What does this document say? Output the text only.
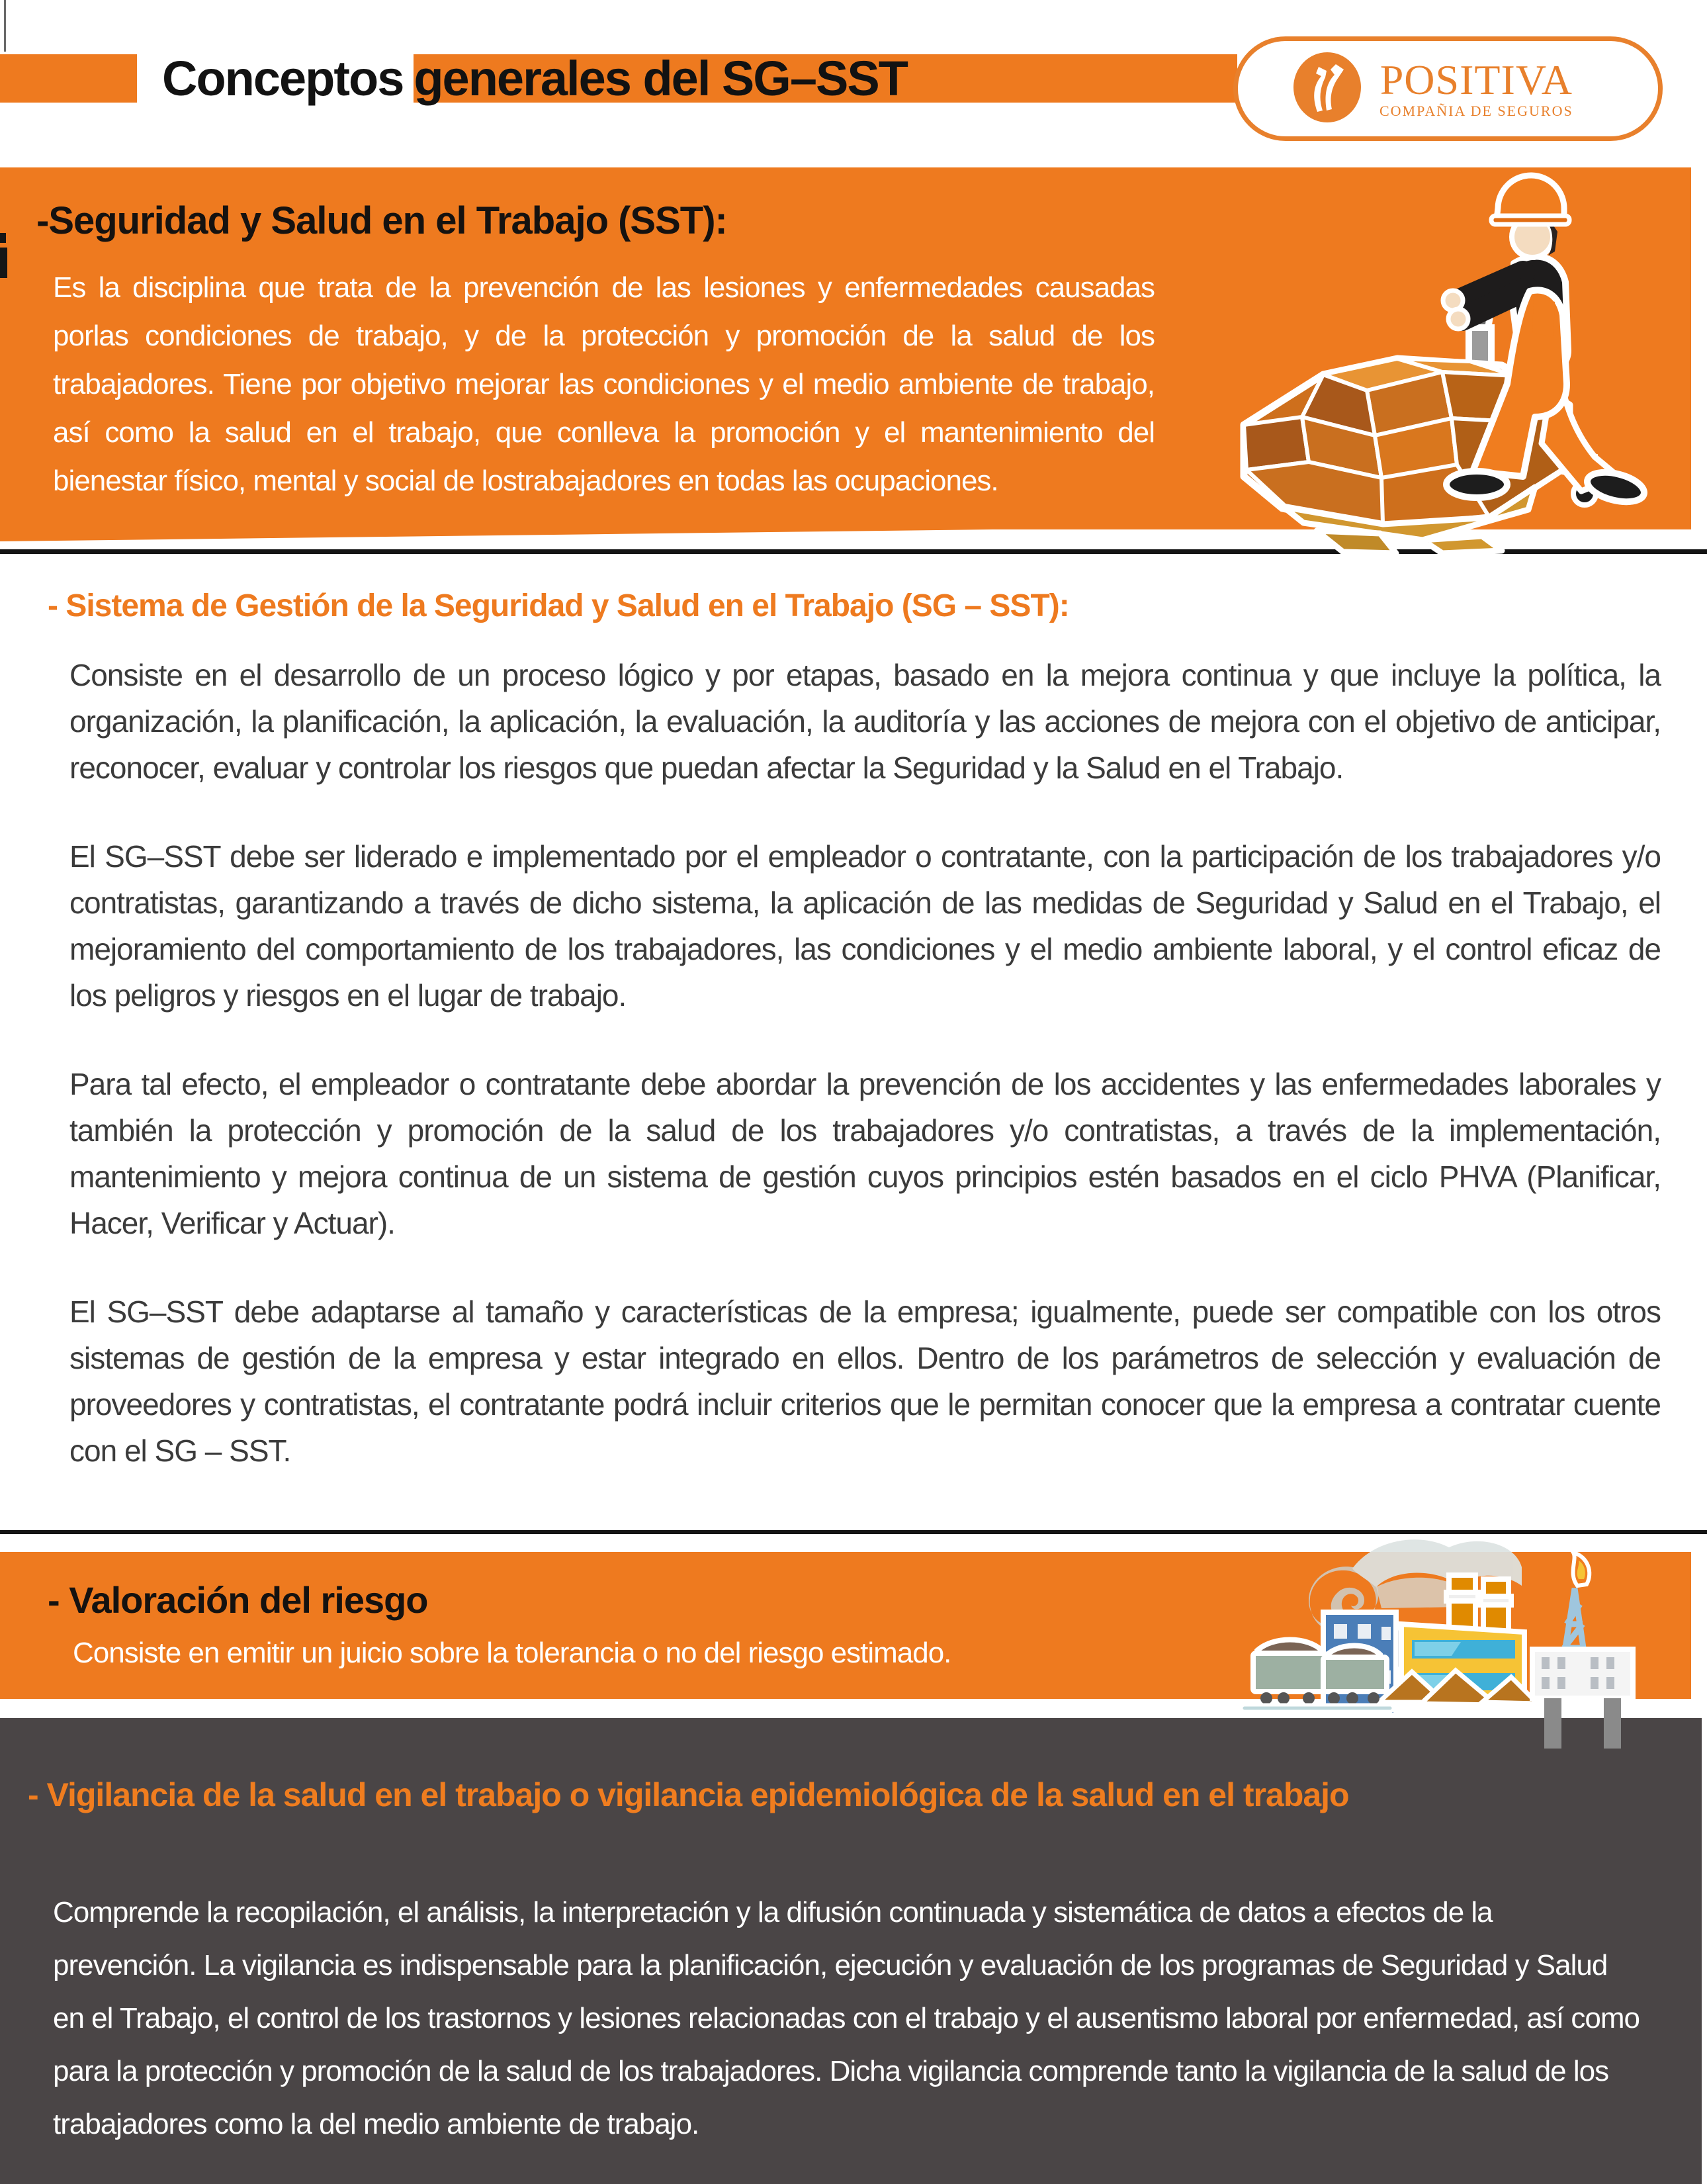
Conceptos generales del SG–SST	POSITIVA
COMPAÑIA DE SEGUROS
-Seguridad y Salud en el Trabajo (SST):
Es la disciplina que trata de la prevención de las lesiones y enfermedades causadas porlas condiciones de trabajo, y de la protección y promoción de la salud de los trabajadores. Tiene por objetivo mejorar las condiciones y el medio ambiente de trabajo, así como la salud en el trabajo, que conlleva la promoción y el mantenimiento del bienestar físico, mental y social de lostrabajadores en todas las ocupaciones.
- Sistema de Gestión de la Seguridad y Salud en el Trabajo (SG – SST):

Consiste en el desarrollo de un proceso lógico y por etapas, basado en la mejora continua y que incluye la política, la organización, la planificación, la aplicación, la evaluación, la auditoría y las acciones de mejora con el objetivo de anticipar, reconocer, evaluar y controlar los riesgos que puedan afectar la Seguridad y la Salud en el Trabajo.

El SG–SST debe ser liderado e implementado por el empleador o contratante, con la participación de los trabajadores y/o contratistas, garantizando a través de dicho sistema, la aplicación de las medidas de Seguridad y Salud en el Trabajo, el mejoramiento del comportamiento de los trabajadores, las condiciones y el medio ambiente laboral, y el control eficaz de los peligros y riesgos en el lugar de trabajo.

Para tal efecto, el empleador o contratante debe abordar la prevención de los accidentes y las enfermedades laborales y también la protección y promoción de la salud de los trabajadores y/o contratistas, a través de la implementación, mantenimiento y mejora continua de un sistema de gestión cuyos principios estén basados en el ciclo PHVA (Planificar, Hacer, Verificar y Actuar).

El SG–SST debe adaptarse al tamaño y características de la empresa; igualmente, puede ser compatible con los otros sistemas de gestión de la empresa y estar integrado en ellos. Dentro de los parámetros de selección y evaluación de proveedores y contratistas, el contratante podrá incluir criterios que le permitan conocer que la empresa a contratar cuente con el SG – SST.

- Valoración del riesgo
Consiste en emitir un juicio sobre la tolerancia o no del riesgo estimado.
- Vigilancia de la salud en el trabajo o vigilancia epidemiológica de la salud en el trabajo
Comprende la recopilación, el análisis, la interpretación y la difusión continuada y sistemática de datos a efectos de la prevención. La vigilancia es indispensable para la planificación, ejecución y evaluación de los programas de Seguridad y Salud en el Trabajo, el control de los trastornos y lesiones relacionadas con el trabajo y el ausentismo laboral por enfermedad, así como para la protección y promoción de la salud de los trabajadores. Dicha vigilancia comprende tanto la vigilancia de la salud de los trabajadores como la del medio ambiente de trabajo.
